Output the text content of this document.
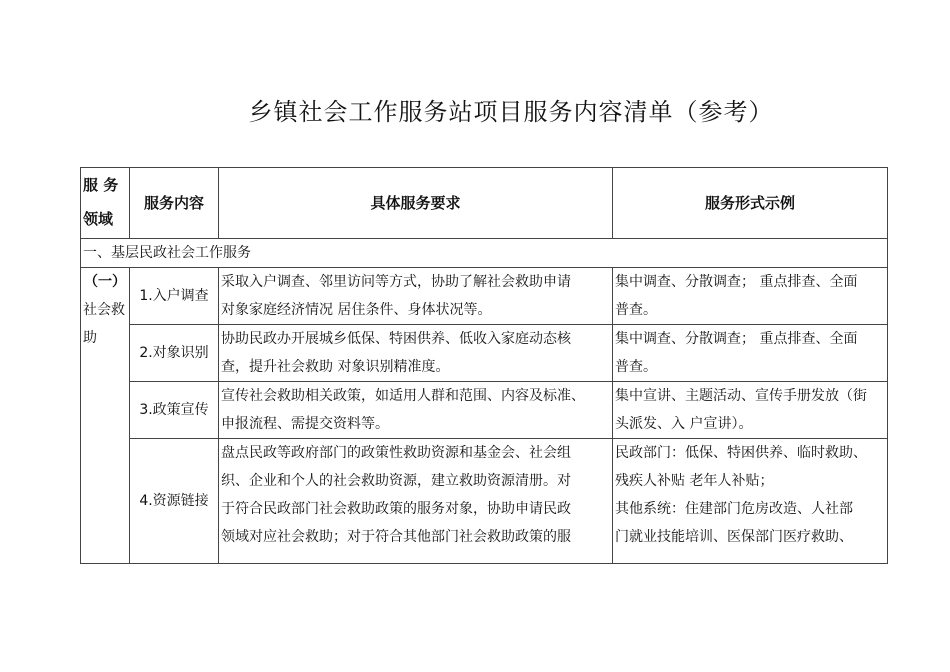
乡镇社会工作服务站项目服务内容清单（参考）
服 务 领域	服务内容	具体服务要求	服务形式示例
一、基层民政社会工作服务			

（一）
社会救助	1.入户调查	采取入户调查、邻里访问等方式，协助了解社会救助申请
对象家庭经济情况 居住条件、身体状况等。	集中调查、分散调查； 重点排查、全面
普查。

	2.对象识别	协助民政办开展城乡低保、特困供养、低收入家庭动态核
查，提升社会救助 对象识别精准度。	集中调查、分散调查； 重点排查、全面
普查。

	3.政策宣传	宣传社会救助相关政策，如适用人群和范围、内容及标准、
申报流程、需提交资料等。	集中宣讲、主题活动、宣传手册发放（街
头派发、入 户宣讲）。

	4.资源链接	盘点民政等政府部门的政策性救助资源和基金会、社会组
织、企业和个人的社会救助资源，建立救助资源清册。对
于符合民政部门社会救助政策的服务对象，协助申请民政
领域对应社会救助；对于符合其他部门社会救助政策的服	民政部门：低保、特困供养、临时救助、
残疾人补贴 老年人补贴；
其他系统：住建部门危房改造、人社部
门就业技能培训、医保部门医疗救助、
